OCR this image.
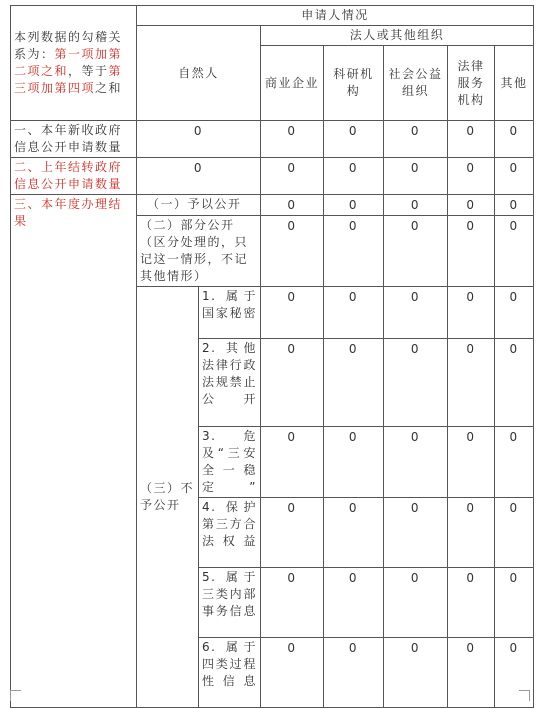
本列数据的勾稽关系为：第一项加第二项之和，等于第三项加第四项之和	申请人情况							
	自然人		法人或其他组织	
			商业企业	科研机构	社会公益组织	法律服务机构	其他	
一、本年新收政府信息公开申请数量	0		0	0	0	0	0	
二、上年结转政府信息公开申请数量	0		0	0	0	0	0	
三、本年度办理结果	（一）予以公开		0	0	0	0	0	
	（二）部分公开（区分处理的，只记这一情形，不记其他情形）		0	0	0	0	0	
	（三）不予公开	1. 属于国家秘密	0	0	0	0	0	
		2. 其他法律行政法规禁止公开	0	0	0	0	0	
		3. 危及“三安全一稳定”	0	0	0	0	0	
		4. 保护第三方合法权益	0	0	0	0	0	
		5. 属于三类内部事务信息	0	0	0	0	0	
		6. 属于四类过程性信息	0	0	0	0	0	
